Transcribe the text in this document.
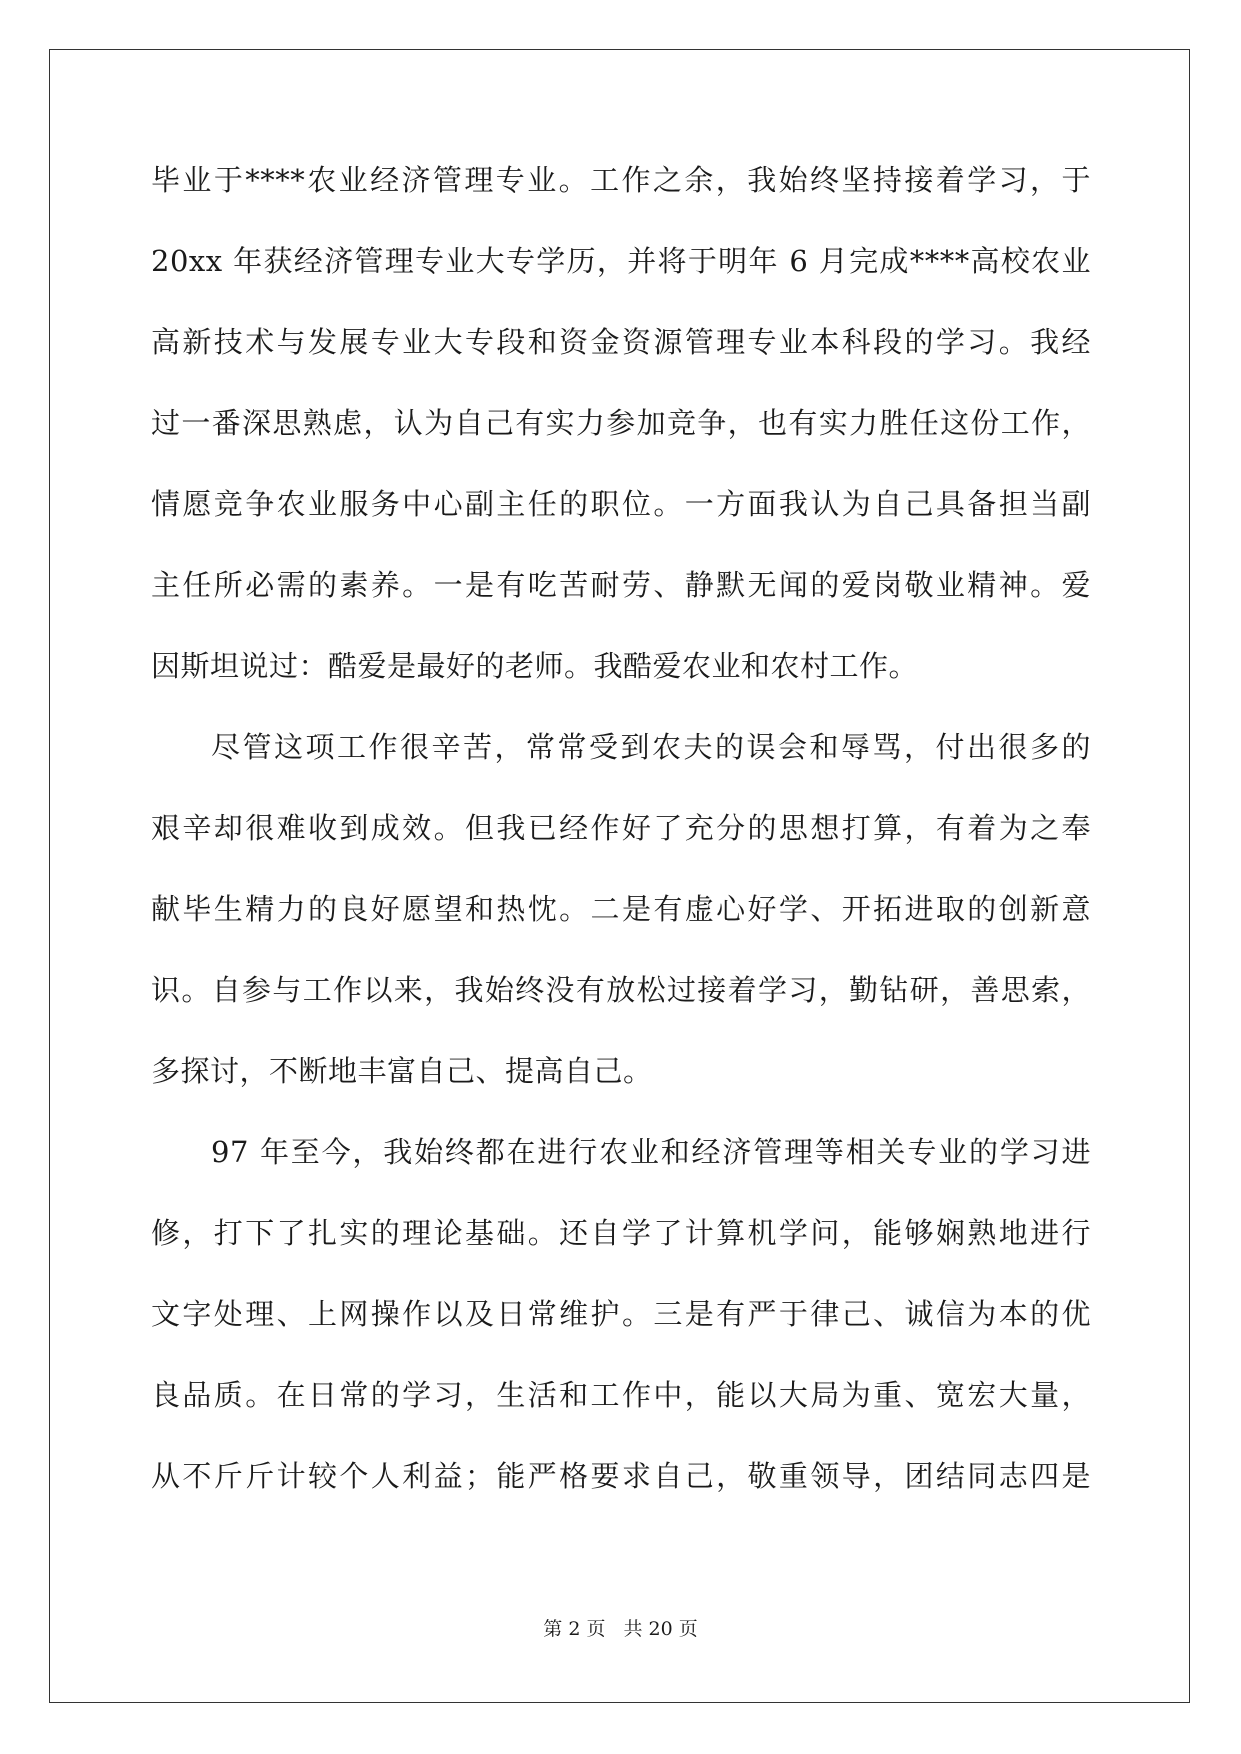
毕业于****农业经济管理专业。工作之余，我始终坚持接着学习，于
20xx 年获经济管理专业大专学历，并将于明年 6 月完成****高校农业
高新技术与发展专业大专段和资金资源管理专业本科段的学习。我经
过一番深思熟虑，认为自己有实力参加竞争，也有实力胜任这份工作，
情愿竞争农业服务中心副主任的职位。一方面我认为自己具备担当副
主任所必需的素养。一是有吃苦耐劳、静默无闻的爱岗敬业精神。爱
因斯坦说过：酷爱是最好的老师。我酷爱农业和农村工作。
尽管这项工作很辛苦，常常受到农夫的误会和辱骂，付出很多的
艰辛却很难收到成效。但我已经作好了充分的思想打算，有着为之奉
献毕生精力的良好愿望和热忱。二是有虚心好学、开拓进取的创新意
识。自参与工作以来，我始终没有放松过接着学习，勤钻研，善思索，
多探讨，不断地丰富自己、提高自己。
97 年至今，我始终都在进行农业和经济管理等相关专业的学习进
修，打下了扎实的理论基础。还自学了计算机学问，能够娴熟地进行
文字处理、上网操作以及日常维护。三是有严于律己、诚信为本的优
良品质。在日常的学习，生活和工作中，能以大局为重、宽宏大量，
从不斤斤计较个人利益；能严格要求自己，敬重领导，团结同志四是
第 2 页 共 20 页
